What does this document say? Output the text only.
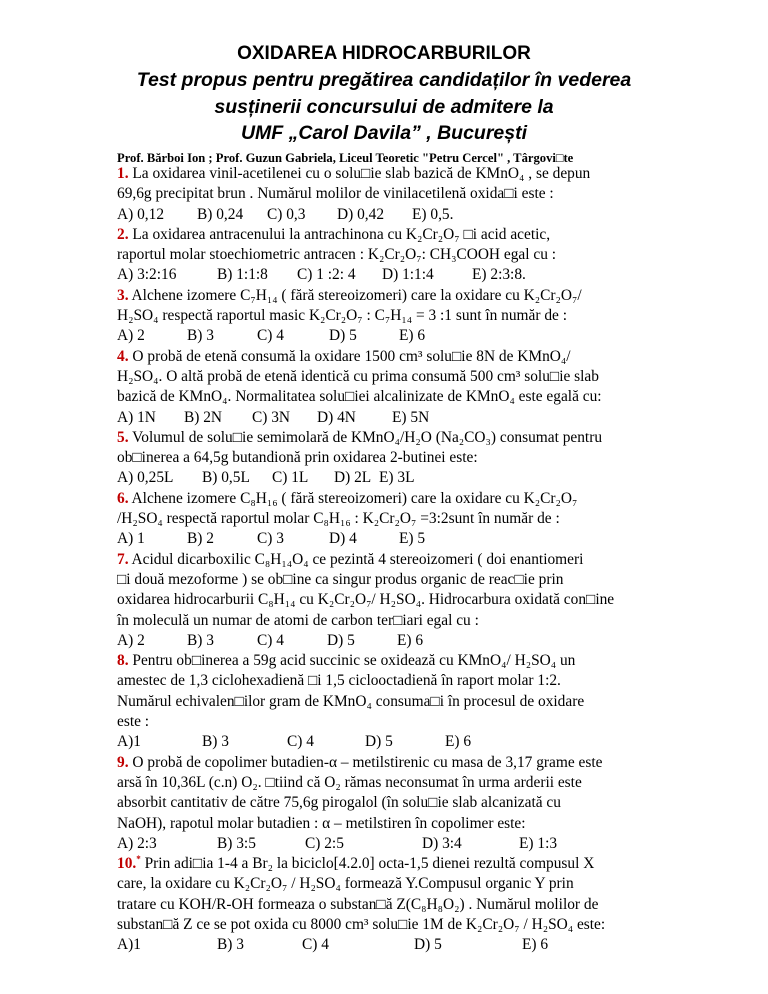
OXIDAREA HIDROCARBURILOR
Test propus pentru pregătirea candidaților în vederea
susținerii concursului de admitere la
UMF „Carol Davila” , București
Prof. Bărboi Ion ; Prof. Guzun Gabriela, Liceul Teoretic "Petru Cercel" , Târgovi□te
1. La oxidarea vinil-acetilenei cu o solu□ie slab bazică de KMnO₄ , se depun
69,6g precipitat brun . Numărul molilor de vinilacetilenă oxida□i este :
A) 0,12 B) 0,24 C) 0,3 D) 0,42 E) 0,5.
2. La oxidarea antracenului la antrachinona cu K₂Cr₂O₇ □i acid acetic,
raportul molar stoechiometric antracen : K₂Cr₂O₇: CH₃COOH egal cu :
A) 3:2:16	B) 1:1:8 C) 1 :2: 4 D) 1:1:4 E) 2:3:8.
3. Alchene izomere C₇H₁₄ ( fără stereoizomeri) care la oxidare cu K₂Cr₂O₇/
H₂SO₄ respectă raportul masic K₂Cr₂O₇ : C₇H₁₄ = 3 :1 sunt în număr de :
A) 2	B) 3	C) 4	D) 5	E) 6
4. O probă de etenă consumă la oxidare 1500 cm³ solu□ie 8N de KMnO₄/
H₂SO₄. O altă probă de etenă identică cu prima consumă 500 cm³ solu□ie slab
bazică de KMnO₄. Normalitatea solu□iei alcalinizate de KMnO₄ este egală cu:
A) 1N B) 2N C) 3N D) 4N E) 5N
5. Volumul de solu□ie semimolară de KMnO₄/H₂O (Na₂CO₃) consumat pentru
ob□inerea a 64,5g butandionă prin oxidarea 2-butinei este:
A) 0,25L B) 0,5L C) 1L D) 2L E) 3L
6. Alchene izomere C₈H₁₆ ( fără stereoizomeri) care la oxidare cu K₂Cr₂O₇
/H₂SO₄ respectă raportul molar C₈H₁₆ : K₂Cr₂O₇ =3:2sunt în număr de :
A) 1	B) 2	C) 3	D) 4	E) 5
7. Acidul dicarboxilic C₈H₁₄O₄ ce pezintă 4 stereoizomeri ( doi enantiomeri
□i două mezoforme ) se ob□ine ca singur produs organic de reac□ie prin
oxidarea hidrocarburii C₈H₁₄ cu K₂Cr₂O₇/ H₂SO₄. Hidrocarbura oxidată con□ine
în moleculă un numar de atomi de carbon ter□iari egal cu :
A) 2	B) 3	C) 4	D) 5	E) 6
8. Pentru ob□inerea a 59g acid succinic se oxidează cu KMnO₄/ H₂SO₄ un
amestec de 1,3 ciclohexadienă □i 1,5 ciclooctadienă în raport molar 1:2.
Numărul echivalen□ilor gram de KMnO₄ consuma□i în procesul de oxidare
este :
A)1	B) 3	C) 4	D) 5	E) 6
9. O probă de copolimer butadien-α – metilstirenic cu masa de 3,17 grame este
arsă în 10,36L (c.n) O₂. □tiind că O₂ rămas neconsumat în urma arderii este
absorbit cantitativ de către 75,6g pirogalol (în solu□ie slab alcanizată cu
NaOH), rapotul molar butadien : α – metilstiren în copolimer este:
A) 2:3	B) 3:5	C) 2:5	D) 3:4	E) 1:3
10.* Prin adi□ia 1-4 a Br₂ la biciclo[4.2.0] octa-1,5 dienei rezultă compusul X
care, la oxidare cu K₂Cr₂O₇ / H₂SO₄ formează Y.Compusul organic Y prin
tratare cu KOH/R-OH formeaza o substan□ă Z(C₈H₈O₂) . Numărul molilor de
substan□ă Z ce se pot oxida cu 8000 cm³ solu□ie 1M de K₂Cr₂O₇ / H₂SO₄ este:
A)1	B) 3	C) 4	D) 5	E) 6
